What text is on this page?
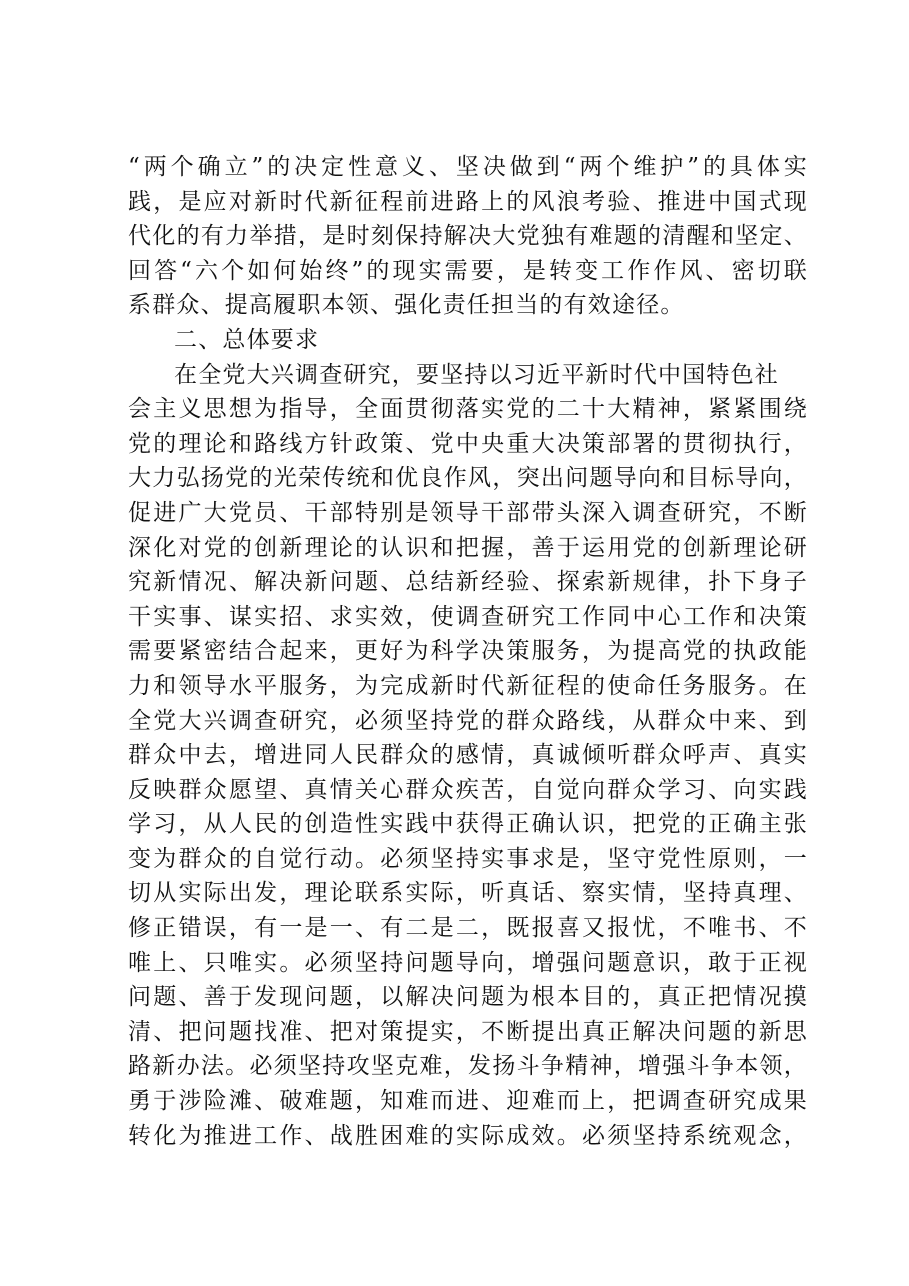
“两个确立”的决定性意义、坚决做到“两个维护”的具体实
践，是应对新时代新征程前进路上的风浪考验、推进中国式现
代化的有力举措，是时刻保持解决大党独有难题的清醒和坚定、
回答“六个如何始终”的现实需要，是转变工作作风、密切联
系群众、提高履职本领、强化责任担当的有效途径。
二、总体要求
在全党大兴调查研究，要坚持以习近平新时代中国特色社
会主义思想为指导，全面贯彻落实党的二十大精神，紧紧围绕
党的理论和路线方针政策、党中央重大决策部署的贯彻执行，
大力弘扬党的光荣传统和优良作风，突出问题导向和目标导向，
促进广大党员、干部特别是领导干部带头深入调查研究，不断
深化对党的创新理论的认识和把握，善于运用党的创新理论研
究新情况、解决新问题、总结新经验、探索新规律，扑下身子
干实事、谋实招、求实效，使调查研究工作同中心工作和决策
需要紧密结合起来，更好为科学决策服务，为提高党的执政能
力和领导水平服务，为完成新时代新征程的使命任务服务。在
全党大兴调查研究，必须坚持党的群众路线，从群众中来、到
群众中去，增进同人民群众的感情，真诚倾听群众呼声、真实
反映群众愿望、真情关心群众疾苦，自觉向群众学习、向实践
学习，从人民的创造性实践中获得正确认识，把党的正确主张
变为群众的自觉行动。必须坚持实事求是，坚守党性原则，一
切从实际出发，理论联系实际，听真话、察实情，坚持真理、
修正错误，有一是一、有二是二，既报喜又报忧，不唯书、不
唯上、只唯实。必须坚持问题导向，增强问题意识，敢于正视
问题、善于发现问题，以解决问题为根本目的，真正把情况摸
清、把问题找准、把对策提实，不断提出真正解决问题的新思
路新办法。必须坚持攻坚克难，发扬斗争精神，增强斗争本领，
勇于涉险滩、破难题，知难而进、迎难而上，把调查研究成果
转化为推进工作、战胜困难的实际成效。必须坚持系统观念，
